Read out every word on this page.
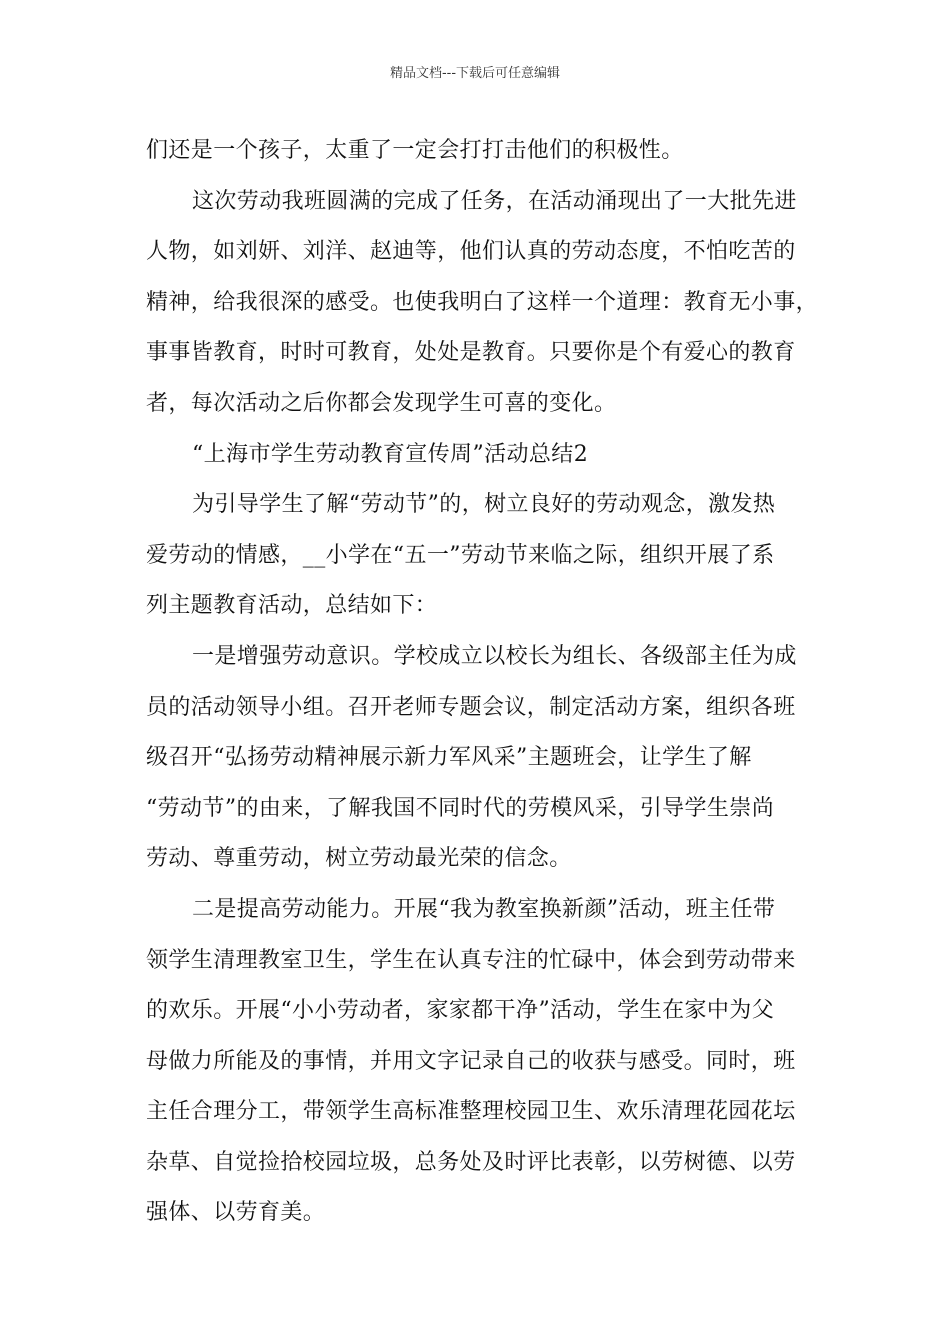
精品文档---下载后可任意编辑
们还是一个孩子，太重了一定会打打击他们的积极性。
这次劳动我班圆满的完成了任务，在活动涌现出了一大批先进
人物，如刘妍、刘洋、赵迪等，他们认真的劳动态度，不怕吃苦的
精神，给我很深的感受。也使我明白了这样一个道理：教育无小事，
事事皆教育，时时可教育，处处是教育。只要你是个有爱心的教育
者，每次活动之后你都会发现学生可喜的变化。
“上海市学生劳动教育宣传周”活动总结2
为引导学生了解“劳动节”的，树立良好的劳动观念，激发热
爱劳动的情感，__小学在“五一”劳动节来临之际，组织开展了系
列主题教育活动，总结如下：
一是增强劳动意识。学校成立以校长为组长、各级部主任为成
员的活动领导小组。召开老师专题会议，制定活动方案，组织各班
级召开“弘扬劳动精神展示新力军风采”主题班会，让学生了解
“劳动节”的由来，了解我国不同时代的劳模风采，引导学生崇尚
劳动、尊重劳动，树立劳动最光荣的信念。
二是提高劳动能力。开展“我为教室换新颜”活动，班主任带
领学生清理教室卫生，学生在认真专注的忙碌中，体会到劳动带来
的欢乐。开展“小小劳动者，家家都干净”活动，学生在家中为父
母做力所能及的事情，并用文字记录自己的收获与感受。同时，班
主任合理分工，带领学生高标准整理校园卫生、欢乐清理花园花坛
杂草、自觉捡拾校园垃圾，总务处及时评比表彰，以劳树德、以劳
强体、以劳育美。
